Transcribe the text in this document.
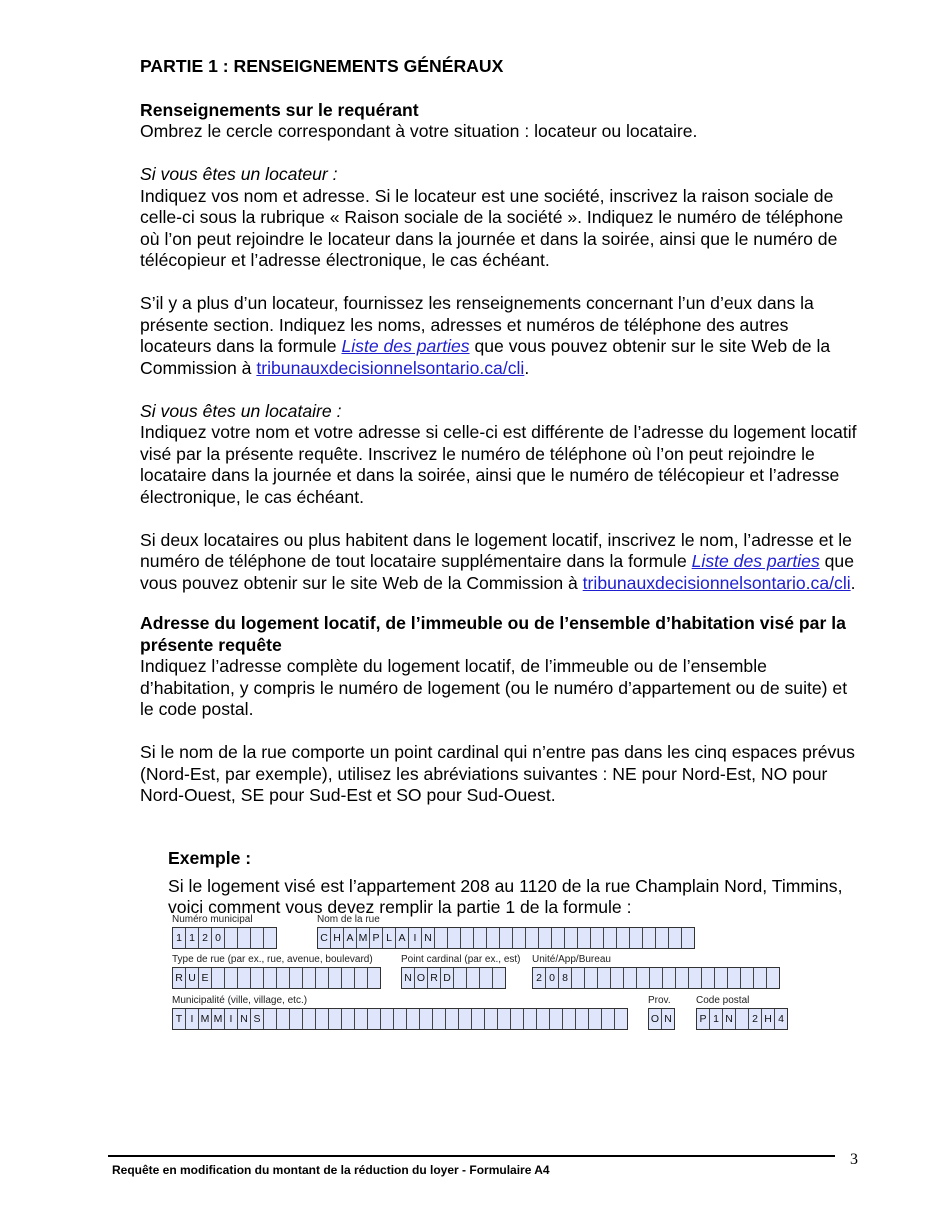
PARTIE 1 : RENSEIGNEMENTS GÉNÉRAUX

Renseignements sur le requérant

Ombrez le cercle correspondant à votre situation : locateur ou locataire.

Si vous êtes un locateur :

Indiquez vos nom et adresse. Si le locateur est une société, inscrivez la raison sociale de celle-ci sous la rubrique « Raison sociale de la société ». Indiquez le numéro de téléphone où l’on peut rejoindre le locateur dans la journée et dans la soirée, ainsi que le numéro de télécopieur et l’adresse électronique, le cas échéant.

S’il y a plus d’un locateur, fournissez les renseignements concernant l’un d’eux dans la présente section. Indiquez les noms, adresses et numéros de téléphone des autres locateurs dans la formule Liste des parties que vous pouvez obtenir sur le site Web de la Commission à tribunauxdecisionnelsontario.ca/cli.

Si vous êtes un locataire :

Indiquez votre nom et votre adresse si celle-ci est différente de l’adresse du logement locatif visé par la présente requête. Inscrivez le numéro de téléphone où l’on peut rejoindre le locataire dans la journée et dans la soirée, ainsi que le numéro de télécopieur et l’adresse électronique, le cas échéant.

Si deux locataires ou plus habitent dans le logement locatif, inscrivez le nom, l’adresse et le numéro de téléphone de tout locataire supplémentaire dans la formule Liste des parties que vous pouvez obtenir sur le site Web de la Commission à tribunauxdecisionnelsontario.ca/cli.

Adresse du logement locatif, de l’immeuble ou de l’ensemble d’habitation visé par la présente requête

Indiquez l’adresse complète du logement locatif, de l’immeuble ou de l’ensemble d’habitation, y compris le numéro de logement (ou le numéro d’appartement ou de suite) et le code postal.

Si le nom de la rue comporte un point cardinal qui n’entre pas dans les cinq espaces prévus (Nord-Est, par exemple), utilisez les abréviations suivantes : NE pour Nord-Est, NO pour Nord-Ouest, SE pour Sud-Est et SO pour Sud-Ouest.

Exemple :

Si le logement visé est l’appartement 208 au 1120 de la rue Champlain Nord, Timmins, voici comment vous devez remplir la partie 1 de la formule :

Numéro municipal
1 1 2 0
Nom de la rue
C H A M P L A I N
Type de rue (par ex., rue, avenue, boulevard)
R U E
Point cardinal (par ex., est)
N O R D
Unité/App/Bureau
2 0 8
Municipalité (ville, village, etc.)
T I M M I N S
Prov.
O N
Code postal
P 1 N	2 H 4
Requête en modification du montant de la réduction du loyer - Formulaire A4
3
